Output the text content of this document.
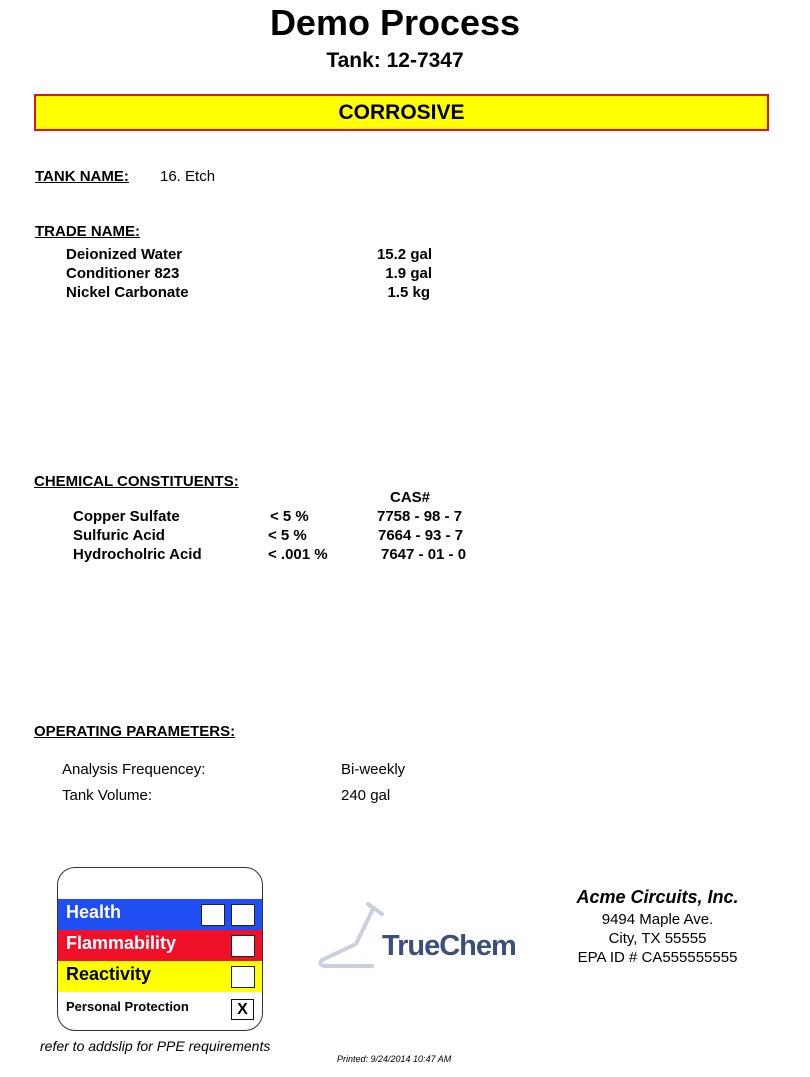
Demo Process
Tank: 12-7347
CORROSIVE
TANK NAME: 16. Etch
TRADE NAME:
Deionized Water	15.2 gal
Conditioner 823	1.9 gal
Nickel Carbonate	1.5 kg
CHEMICAL CONSTITUENTS:
CAS#
Copper Sulfate	< 5 %	7758 - 98 - 7
Sulfuric Acid	< 5 %	7664 - 93 - 7
Hydrocholric Acid	< .001 %	7647 - 01 - 0
OPERATING PARAMETERS:
Analysis Frequencey:	Bi-weekly
Tank Volume:	240 gal
Health
Flammability
Reactivity
Personal Protection	X
refer to addslip for PPE requirements
TrueChem
Acme Circuits, Inc.
9494 Maple Ave.
City, TX 55555
EPA ID # CA555555555
Printed: 9/24/2014 10:47 AM
